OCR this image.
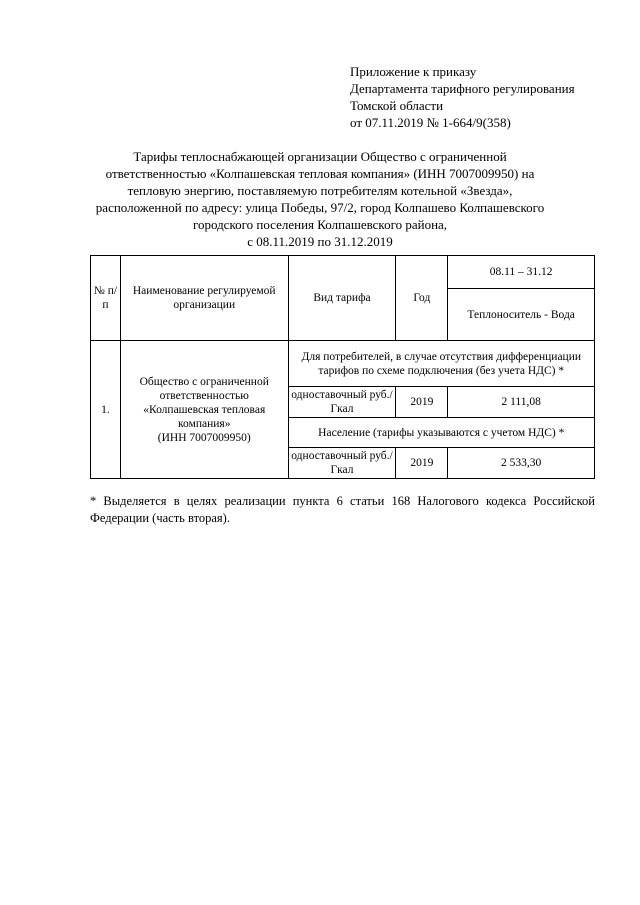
Приложение к приказу
Департамента тарифного регулирования
Томской области
от 07.11.2019 № 1-664/9(358)
Тарифы теплоснабжающей организации Общество с ограниченной
ответственностью «Колпашевская тепловая компания» (ИНН 7007009950) на
тепловую энергию, поставляемую потребителям котельной «Звезда»,
расположенной по адресу: улица Победы, 97/2, город Колпашево Колпашевского
городского поселения Колпашевского района,
с 08.11.2019 по 31.12.2019
№ п/п	Наименование регулируемой организации	Вид тарифа	Год	08.11 – 31.12
				Теплоноситель - Вода
1.	Общество с ограниченной
ответственностью
«Колпашевская тепловая
компания»
(ИНН 7007009950)	Для потребителей, в случае отсутствия дифференциации тарифов по схеме подключения (без учета НДС) *		
		одноставочный руб./Гкал	2019	2 111,08
		Население (тарифы указываются с учетом НДС) *		
		одноставочный руб./Гкал	2019	2 533,30
* Выделяется в целях реализации пункта 6 статьи 168 Налогового кодекса Российской Федерации (часть вторая).
